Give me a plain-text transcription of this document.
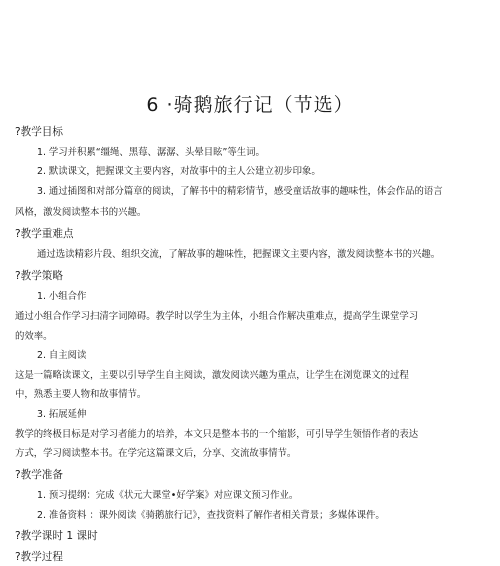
6 ·骑鹅旅行记（节选）
?教学目标
1. 学习并积累“缰绳、黑莓、潺潺、头晕目眩”等生词。
2. 默读课文，把握课文主要内容，对故事中的主人公建立初步印象。
3. 通过插图和对部分篇章的阅读，了解书中的精彩情节，感受童话故事的趣味性，体会作品的语言
风格，激发阅读整本书的兴趣。
?教学重难点
通过选读精彩片段、组织交流，了解故事的趣味性，把握课文主要内容，激发阅读整本书的兴趣。
?教学策略
1. 小组合作
通过小组合作学习扫清字词障碍。教学时以学生为主体，小组合作解决重难点，提高学生课堂学习
的效率。
2. 自主阅读
这是一篇略读课文，主要以引导学生自主阅读，激发阅读兴趣为重点，让学生在浏览课文的过程
中，熟悉主要人物和故事情节。
3. 拓展延伸
教学的终极目标是对学习者能力的培养，本文只是整本书的一个缩影，可引导学生领悟作者的表达
方式，学习阅读整本书。在学完这篇课文后，分享、交流故事情节。
?教学准备
1. 预习提纲：完成《状元大课堂•好学案》对应课文预习作业。
2. 准备资料 ：课外阅读《骑鹅旅行记》，查找资料了解作者相关背景；多媒体课件。
?教学课时 1 课时
?教学过程
